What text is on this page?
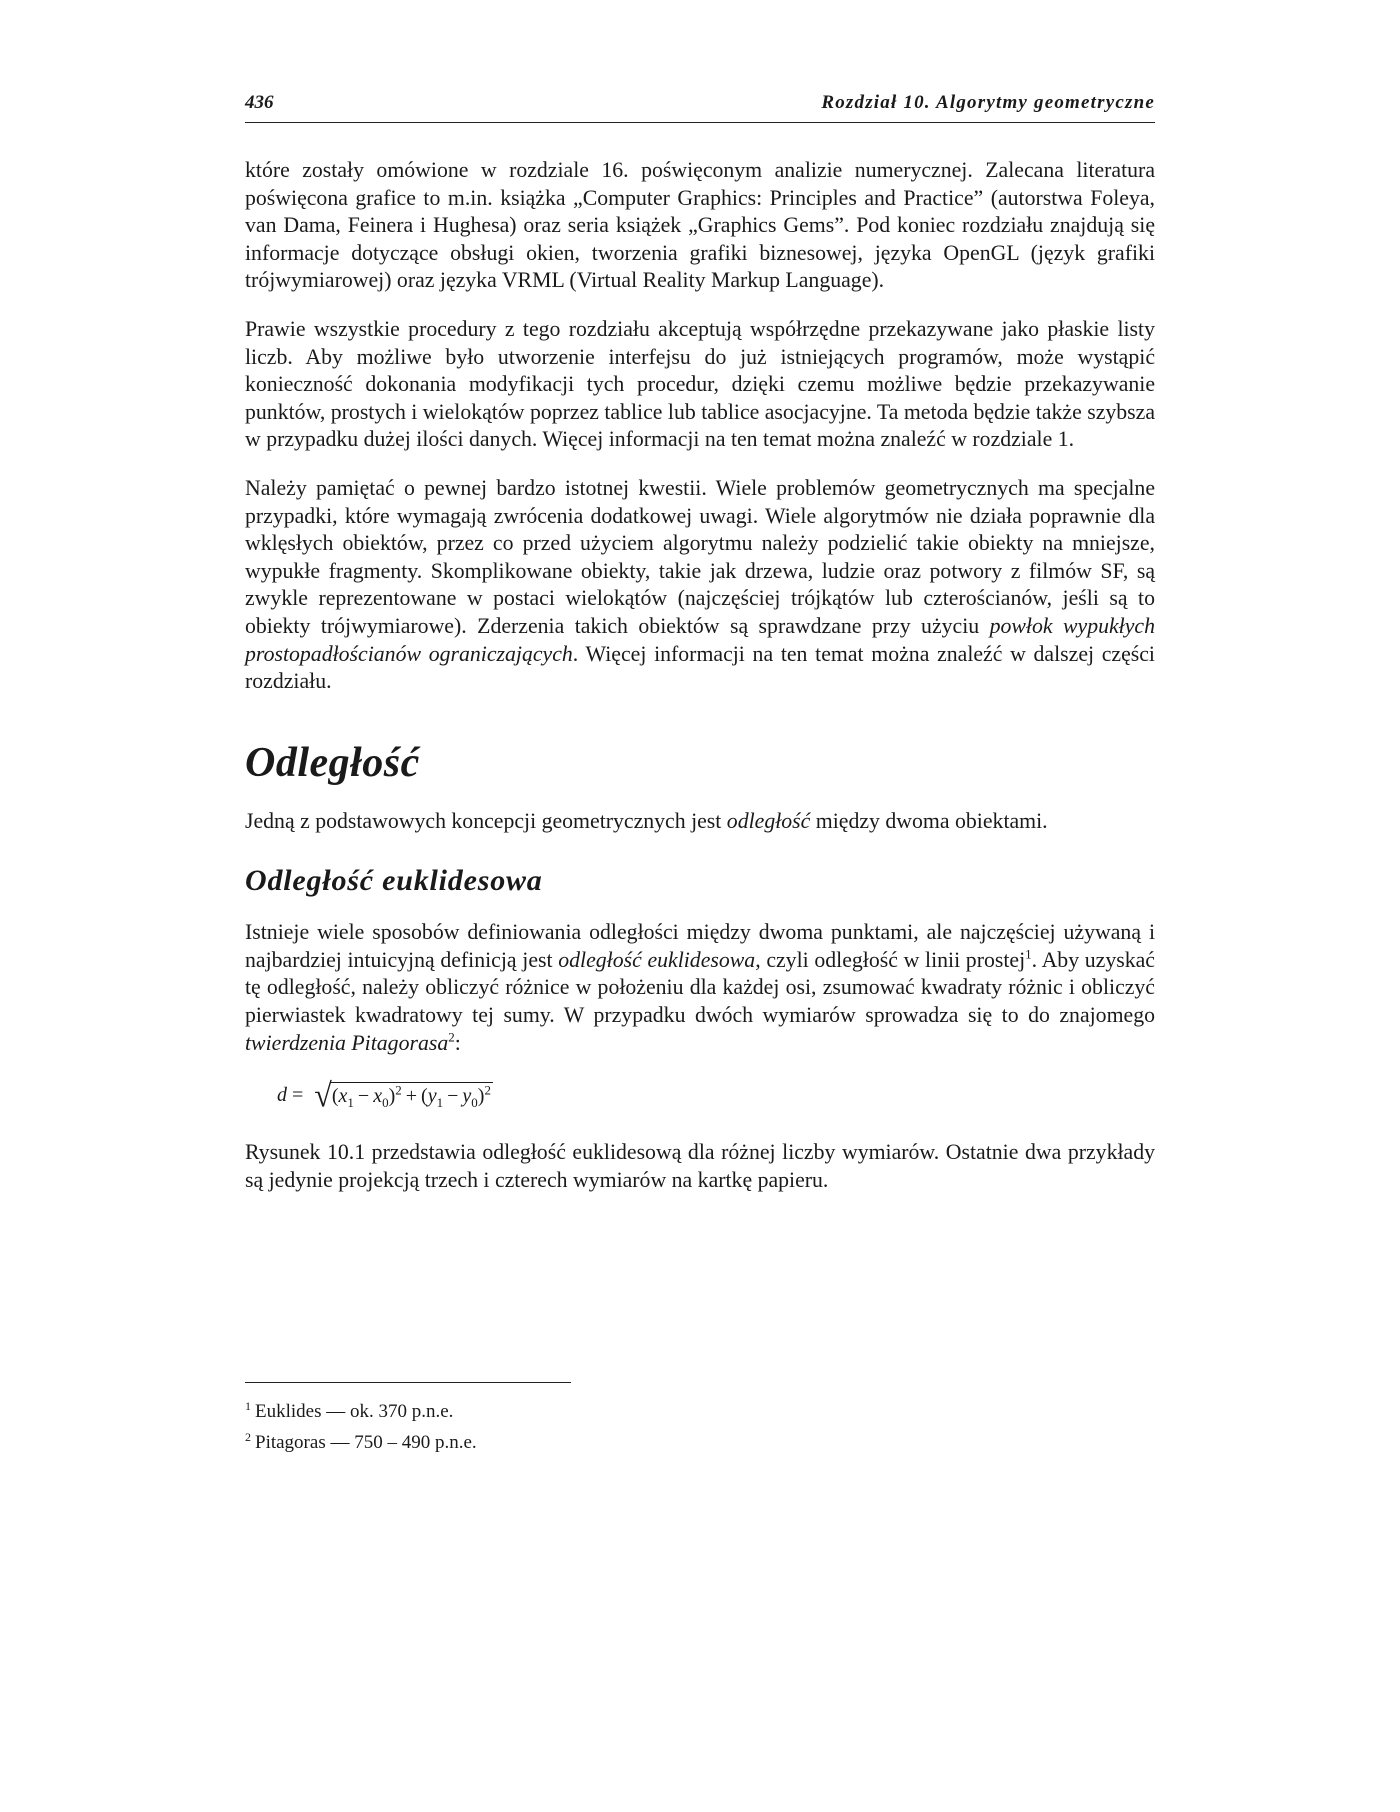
436	Rozdział 10. Algorytmy geometryczne

które zostały omówione w rozdziale 16. poświęconym analizie numerycznej. Zalecana literatura poświęcona grafice to m.in. książka „Computer Graphics: Principles and Practice” (autorstwa Foleya, van Dama, Feinera i Hughesa) oraz seria książek „Graphics Gems”. Pod koniec rozdziału znajdują się informacje dotyczące obsługi okien, tworzenia grafiki biznesowej, języka OpenGL (język grafiki trójwymiarowej) oraz języka VRML (Virtual Reality Markup Language).

Prawie wszystkie procedury z tego rozdziału akceptują współrzędne przekazywane jako płaskie listy liczb. Aby możliwe było utworzenie interfejsu do już istniejących programów, może wystąpić konieczność dokonania modyfikacji tych procedur, dzięki czemu możliwe będzie przekazywanie punktów, prostych i wielokątów poprzez tablice lub tablice asocjacyjne. Ta metoda będzie także szybsza w przypadku dużej ilości danych. Więcej informacji na ten temat można znaleźć w rozdziale 1.

Należy pamiętać o pewnej bardzo istotnej kwestii. Wiele problemów geometrycznych ma specjalne przypadki, które wymagają zwrócenia dodatkowej uwagi. Wiele algorytmów nie działa poprawnie dla wklęsłych obiektów, przez co przed użyciem algorytmu należy podzielić takie obiekty na mniejsze, wypukłe fragmenty. Skomplikowane obiekty, takie jak drzewa, ludzie oraz potwory z filmów SF, są zwykle reprezentowane w postaci wielokątów (najczęściej trójkątów lub czterościanów, jeśli są to obiekty trójwymiarowe). Zderzenia takich obiektów są sprawdzane przy użyciu powłok wypukłych prostopadłościanów ograniczających. Więcej informacji na ten temat można znaleźć w dalszej części rozdziału.

Odległość

Jedną z podstawowych koncepcji geometrycznych jest odległość między dwoma obiektami.

Odległość euklidesowa

Istnieje wiele sposobów definiowania odległości między dwoma punktami, ale najczęściej używaną i najbardziej intuicyjną definicją jest odległość euklidesowa, czyli odległość w linii prostej$^1$. Aby uzyskać tę odległość, należy obliczyć różnice w położeniu dla każdej osi, zsumować kwadraty różnic i obliczyć pierwiastek kwadratowy tej sumy. W przypadku dwóch wymiarów sprowadza się to do znajomego twierdzenia Pitagorasa$^2$:

d = √ $(x_1 - x_0)^2 + (y_1 - y_0)^2$

Rysunek 10.1 przedstawia odległość euklidesową dla różnej liczby wymiarów. Ostatnie dwa przykłady są jedynie projekcją trzech i czterech wymiarów na kartkę papieru.

$^1$ Euklides — ok. 370 p.n.e.
$^2$ Pitagoras — 750 – 490 p.n.e.
